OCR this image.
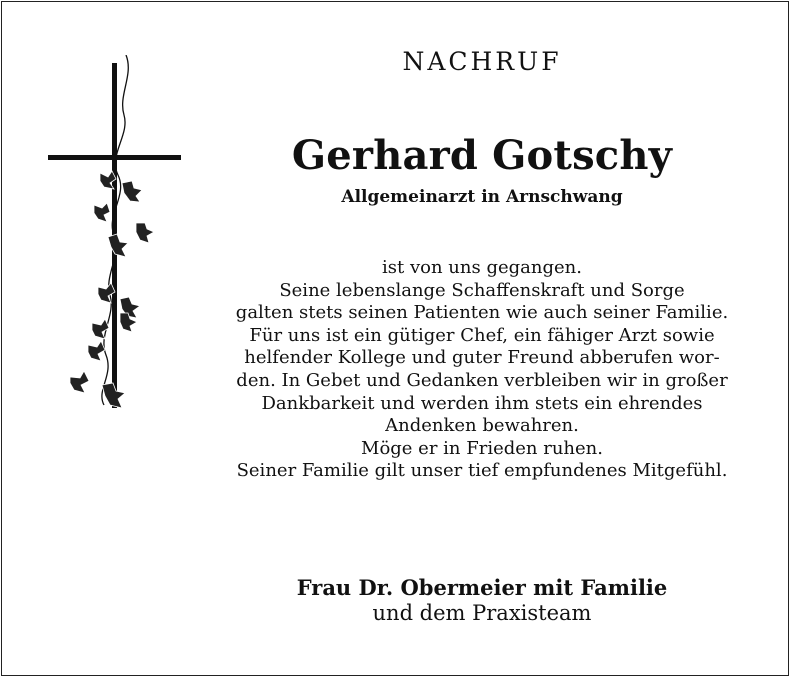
NACHRUF
Gerhard Gotschy
Allgemeinarzt in Arnschwang

ist von uns gegangen.

Seine lebenslange Schaffenskraft und Sorge

galten stets seinen Patienten wie auch seiner Familie.

Für uns ist ein gütiger Chef, ein fähiger Arzt sowie

helfender Kollege und guter Freund abberufen wor-

den. In Gebet und Gedanken verbleiben wir in großer

Dankbarkeit und werden ihm stets ein ehrendes

Andenken bewahren.

Möge er in Frieden ruhen.

Seiner Familie gilt unser tief empfundenes Mitgefühl.

Frau Dr. Obermeier mit Familie
und dem Praxisteam
